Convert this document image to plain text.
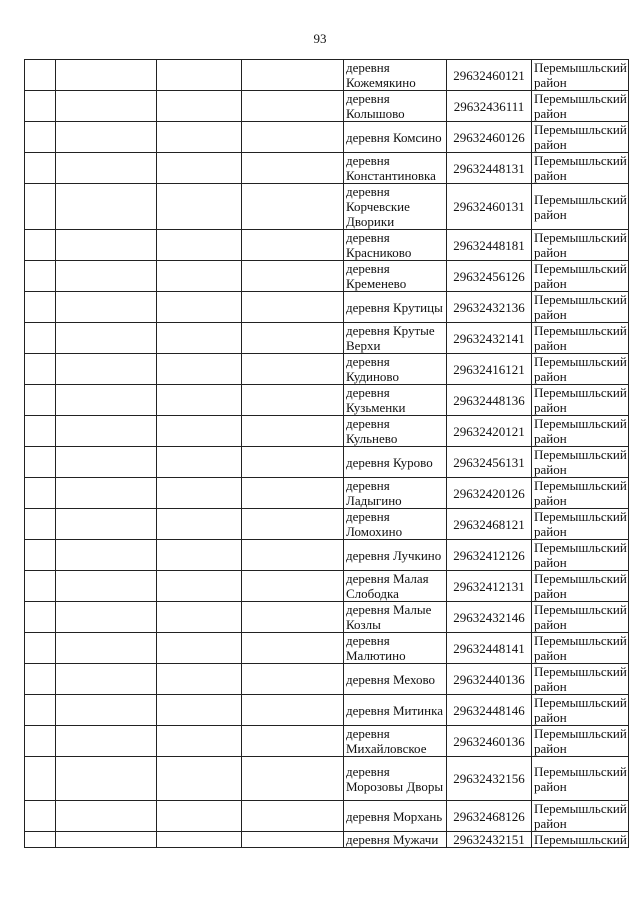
93
				деревня Кожемякино	29632460121	Перемышльский район
				деревня Колышово	29632436111	Перемышльский район
				деревня Комсино	29632460126	Перемышльский район
				деревня Константиновка	29632448131	Перемышльский район
				деревня Корчевские Дворики	29632460131	Перемышльский район
				деревня Красниково	29632448181	Перемышльский район
				деревня Кременево	29632456126	Перемышльский район
				деревня Крутицы	29632432136	Перемышльский район
				деревня Крутые Верхи	29632432141	Перемышльский район
				деревня Кудиново	29632416121	Перемышльский район
				деревня Кузьменки	29632448136	Перемышльский район
				деревня Кульнево	29632420121	Перемышльский район
				деревня Курово	29632456131	Перемышльский район
				деревня Ладыгино	29632420126	Перемышльский район
				деревня Ломохино	29632468121	Перемышльский район
				деревня Лучкино	29632412126	Перемышльский район
				деревня Малая Слободка	29632412131	Перемышльский район
				деревня Малые Козлы	29632432146	Перемышльский район
				деревня Малютино	29632448141	Перемышльский район
				деревня Мехово	29632440136	Перемышльский район
				деревня Митинка	29632448146	Перемышльский район
				деревня Михайловское	29632460136	Перемышльский район
				деревня Морозовы Дворы	29632432156	Перемышльский район
				деревня Морхань	29632468126	Перемышльский район
				деревня Мужачи	29632432151	Перемышльский
